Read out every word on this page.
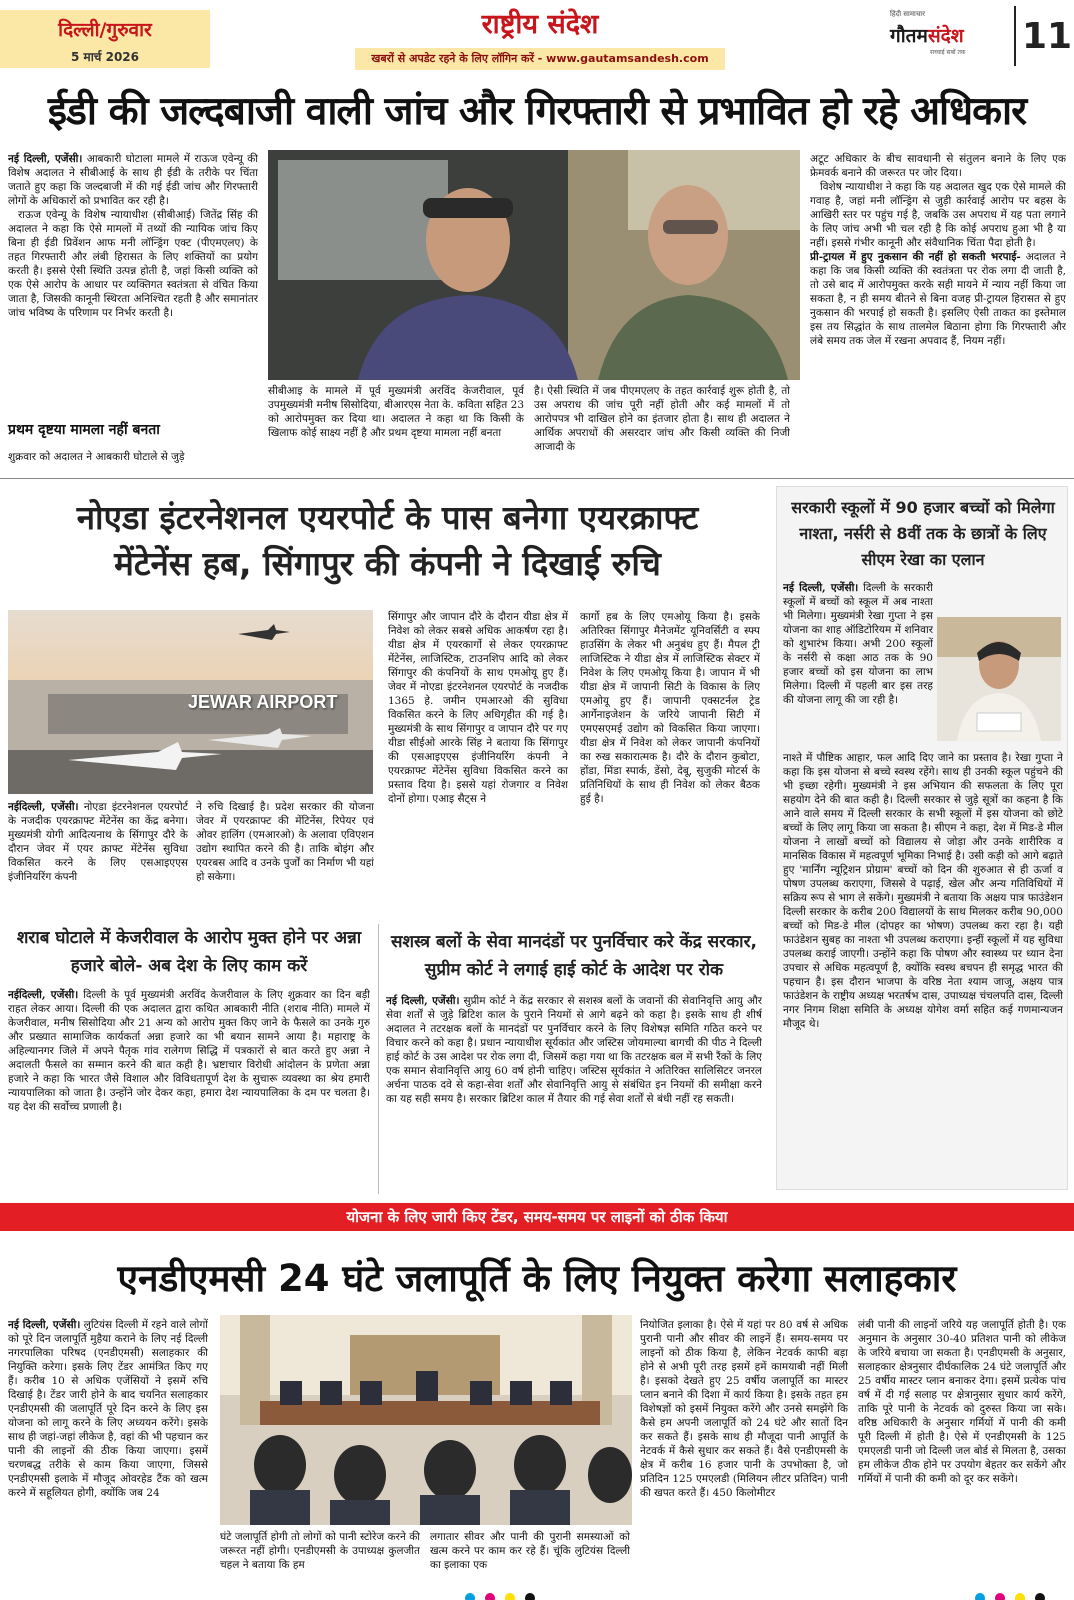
दिल्ली/गुरुवार
5 मार्च 2026
राष्ट्रीय संदेश
खबरों से अपडेट रहने के लिए लॉगिन करें - www.gautamsandesh.com
हिंदी सामाचार
गौतमसंदेश
सच्चाई सबों तक 11
ईडी की जल्दबाजी वाली जांच और गिरफ्तारी से प्रभावित हो रहे अधिकार

नई दिल्ली, एजेंसी। आबकारी घोटाला मामले में राऊज एवेन्यू की विशेष अदालत ने सीबीआई के साथ ही ईडी के तरीके पर चिंता जताते हुए कहा कि जल्दबाजी में की गई ईडी जांच और गिरफ्तारी लोगों के अधिकारों को प्रभावित कर रही है।

राऊज एवेन्यू के विशेष न्यायाधीश (सीबीआई) जितेंद्र सिंह की अदालत ने कहा कि ऐसे मामलों में तथ्यों की न्यायिक जांच किए बिना ही ईडी प्रिवेंशन आफ मनी लॉन्ड्रिंग एक्ट (पीएमएलए) के तहत गिरफ्तारी और लंबी हिरासत के लिए शक्तियों का प्रयोग करती है। इससे ऐसी स्थिति उत्पन्न होती है, जहां किसी व्यक्ति को एक ऐसे आरोप के आधार पर व्यक्तिगत स्वतंत्रता से वंचित किया जाता है, जिसकी कानूनी स्थिरता अनिश्चित रहती है और समानांतर जांच भविष्य के परिणाम पर निर्भर करती है।

प्रथम दृष्टया मामला नहीं बनता
शुक्रवार को अदालत ने आबकारी घोटाले से जुड़े
सीबीआइ के मामले में पूर्व मुख्यमंत्री अरविंद केजरीवाल, पूर्व उपमुख्यमंत्री मनीष सिसोदिया, बीआरएस नेता के. कविता सहित 23 को आरोपमुक्त कर दिया था। अदालत ने कहा था कि किसी के खिलाफ कोई साक्ष्य नहीं है और प्रथम दृष्टया मामला नहीं बनता
है। ऐसी स्थिति में जब पीएमएलए के तहत कार्रवाई शुरू होती है, तो उस अपराध की जांच पूरी नहीं होती और कई मामलों में तो आरोपपत्र भी दाखिल होने का इंतजार होता है। साथ ही अदालत ने आर्थिक अपराधों की असरदार जांच और किसी व्यक्ति की निजी आजादी के

अटूट अधिकार के बीच सावधानी से संतुलन बनाने के लिए एक फ्रेमवर्क बनाने की जरूरत पर जोर दिया।

विशेष न्यायाधीश ने कहा कि यह अदालत खुद एक ऐसे मामले की गवाह है, जहां मनी लॉन्ड्रिंग से जुड़ी कार्रवाई आरोप पर बहस के आखिरी स्तर पर पहुंच गई है, जबकि उस अपराध में यह पता लगाने के लिए जांच अभी भी चल रही है कि कोई अपराध हुआ भी है या नहीं। इससे गंभीर कानूनी और संवैधानिक चिंता पैदा होती है।

प्री-ट्रायल में हुए नुकसान की नहीं हो सकती भरपाई- अदालत ने कहा कि जब किसी व्यक्ति की स्वतंत्रता पर रोक लगा दी जाती है, तो उसे बाद में आरोपमुक्त करके सही मायने में न्याय नहीं किया जा सकता है, न ही समय बीतने से बिना वजह प्री-ट्रायल हिरासत से हुए नुकसान की भरपाई हो सकती है। इसलिए ऐसी ताकत का इस्तेमाल इस तय सिद्धांत के साथ तालमेल बिठाना होगा कि गिरफ्तारी और लंबे समय तक जेल में रखना अपवाद हैं, नियम नहीं।

नोएडा इंटरनेशनल एयरपोर्ट के पास बनेगा एयरक्राफ्ट
मेंटेनेंस हब, सिंगापुर की कंपनी ने दिखाई रुचि
JEWAR AIRPORT

नईदिल्ली, एजेंसी। नोएडा इंटरनेशनल एयरपोर्ट के नजदीक एयरक्राफ्ट मेंटेनेंस का केंद्र बनेगा। मुख्यमंत्री योगी आदित्यनाथ के सिंगापुर दौरे के दौरान जेवर में एयर क्राफ्ट मेंटेनेंस सुविधा विकसित करने के लिए एसआइएएस इंजीनियरिंग कंपनी

ने रुचि दिखाई है। प्रदेश सरकार की योजना जेवर में एयरक्राफ्ट की मेंटिनेंस, रिपेयर एवं ओवर हालिंग (एमआरओ) के अलावा एविएशन उद्योग स्थापित करने की है। ताकि बोइंग और एयरबस आदि व उनके पुर्जों का निर्माण भी यहां हो सकेगा।
सिंगापुर और जापान दौरे के दौरान यीडा क्षेत्र में निवेश को लेकर सबसे अधिक आकर्षण रहा है। यीडा क्षेत्र में एयरकार्गो से लेकर एयरक्राफ्ट मेंटेनेंस, लाजिस्टिक, टाउनशिप आदि को लेकर सिंगापुर की कंपनियों के साथ एमओयू हुए हैं। जेवर में नोएडा इंटरनेशनल एयरपोर्ट के नजदीक 1365 हे. जमीन एमआरओ की सुविधा विकसित करने के लिए अधिगृहीत की गई है। मुख्यमंत्री के साथ सिंगापुर व जापान दौरे पर गए यीडा सीईओ आरके सिंह ने बताया कि सिंगापुर की एसआइएएस इंजीनियरिंग कंपनी ने एयरक्राफ्ट मेंटेनेंस सुविधा विकसित करने का प्रस्ताव दिया है। इससे यहां रोजगार व निवेश दोनों होगा। एआइ सैट्स ने
कार्गो हब के लिए एमओयू किया है। इसके अतिरिक्त सिंगापुर मैनेजमेंट यूनिवर्सिटी व स्फ्प हाउसिंग के लेकर भी अनुबंध हुए हैं। मैपल ट्री लाजिस्टिक ने यीडा क्षेत्र में लाजिस्टिक सेक्टर में निवेश के लिए एमओयू किया है। जापान में भी यीडा क्षेत्र में जापानी सिटी के विकास के लिए एमओयू हुए हैं। जापानी एक्सटर्नल ट्रेड आर्गेनाइजेशन के जरिये जापानी सिटी में एमएसएमई उद्योग को विकसित किया जाएगा। यीडा क्षेत्र में निवेश को लेकर जापानी कंपनियों का रुख सकारात्मक है। दौरे के दौरान कुबोटा, होंडा, मिंडा स्पार्क, डेंसो, देबू, सुजुकी मोटर्स के प्रतिनिधियों के साथ ही निवेश को लेकर बैठक हुई है।
सरकारी स्कूलों में 90 हजार बच्चों को मिलेगा नाश्ता, नर्सरी से 8वीं तक के छात्रों के लिए सीएम रेखा का एलान

नई दिल्ली, एजेंसी। दिल्ली के सरकारी स्कूलों में बच्चों को स्कूल में अब नाश्ता भी मिलेगा। मुख्यमंत्री रेखा गुप्ता ने इस योजना का शाह ऑडिटोरियम में शनिवार को शुभारंभ किया। अभी 200 स्कूलों के नर्सरी से कक्षा आठ तक के 90 हजार बच्चों को इस योजना का लाभ मिलेगा। दिल्ली में पहली बार इस तरह की योजना लागू की जा रही है।

नाश्ते में पौष्टिक आहार, फल आदि दिए जाने का प्रस्ताव है। रेखा गुप्ता ने कहा कि इस योजना से बच्चे स्वस्थ रहेंगे। साथ ही उनकी स्कूल पहुंचने की भी इच्छा रहेगी। मुख्यमंत्री ने इस अभियान की सफलता के लिए पूरा सहयोग देने की बात कही है। दिल्ली सरकार से जुड़े सूत्रों का कहना है कि आने वाले समय में दिल्ली सरकार के सभी स्कूलों में इस योजना को छोटे बच्चों के लिए लागू किया जा सकता है। सीएम ने कहा, देश में मिड-डे मील योजना ने लाखों बच्चों को विद्यालय से जोड़ा और उनके शारीरिक व मानसिक विकास में महत्वपूर्ण भूमिका निभाई है। उसी कड़ी को आगे बढ़ाते हुए 'मार्निंग न्यूट्रिशन प्रोग्राम' बच्चों को दिन की शुरुआत से ही ऊर्जा व पोषण उपलब्ध कराएगा, जिससे वे पढ़ाई, खेल और अन्य गतिविधियों में सक्रिय रूप से भाग ले सकेंगे। मुख्यमंत्री ने बताया कि अक्षय पात्र फाउंडेशन दिल्ली सरकार के करीब 200 विद्यालयों के साथ मिलकर करीब 90,000 बच्चों को मिड-डे मील (दोपहर का भोषण) उपलब्ध करा रहा है। यही फाउंडेशन सुबह का नाश्ता भी उपलब्ध कराएगा। इन्हीं स्कूलों में यह सुविधा उपलब्ध कराई जाएगी। उन्होंने कहा कि पोषण और स्वास्थ्य पर ध्यान देना उपचार से अधिक महत्वपूर्ण है, क्योंकि स्वस्थ बचपन ही समृद्ध भारत की पहचान है। इस दौरान भाजपा के वरिष्ठ नेता श्याम जाजू, अक्षय पात्र फाउंडेशन के राष्ट्रीय अध्यक्ष भरतर्षभ दास, उपाध्यक्ष चंचलपति दास, दिल्ली नगर निगम शिक्षा समिति के अध्यक्ष योगेश वर्मा सहित कई गणमान्यजन मौजूद थे।
शराब घोटाले में केजरीवाल के आरोप मुक्त होने पर अन्ना हजारे बोले- अब देश के लिए काम करें

नईदिल्ली, एजेंसी। दिल्ली के पूर्व मुख्यमंत्री अरविंद केजरीवाल के लिए शुक्रवार का दिन बड़ी राहत लेकर आया। दिल्ली की एक अदालत द्वारा कथित आबकारी नीति (शराब नीति) मामले में केजरीवाल, मनीष सिसोदिया और 21 अन्य को आरोप मुक्त किए जाने के फैसले का उनके गुरु और प्रख्यात सामाजिक कार्यकर्ता अन्ना हजारे का भी बयान सामने आया है। महाराष्ट्र के अहिल्यानगर जिले में अपने पैतृक गांव रालेगण सिद्धि में पत्रकारों से बात करते हुए अन्ना ने अदालती फैसले का सम्मान करने की बात कही है। भ्रष्टाचार विरोधी आंदोलन के प्रणेता अन्ना हजारे ने कहा कि भारत जैसे विशाल और विविधतापूर्ण देश के सुचारू व्यवस्था का श्रेय हमारी न्यायपालिका को जाता है। उन्होंने जोर देकर कहा, हमारा देश न्यायपालिका के दम पर चलता है। यह देश की सर्वोच्च प्रणाली है।

सशस्त्र बलों के सेवा मानदंडों पर पुनर्विचार करे केंद्र सरकार, सुप्रीम कोर्ट ने लगाई हाई कोर्ट के आदेश पर रोक

नई दिल्ली, एजेंसी। सुप्रीम कोर्ट ने केंद्र सरकार से सशस्त्र बलों के जवानों की सेवानिवृत्ति आयु और सेवा शर्तों से जुड़े ब्रिटिश काल के पुराने नियमों से आगे बढ़ने को कहा है। इसके साथ ही शीर्ष अदालत ने तटरक्षक बलों के मानदंडों पर पुनर्विचार करने के लिए विशेषज्ञ समिति गठित करने पर विचार करने को कहा है। प्रधान न्यायाधीश सूर्यकांत और जस्टिस जोयमाल्या बागची की पीठ ने दिल्ली हाई कोर्ट के उस आदेश पर रोक लगा दी, जिसमें कहा गया था कि तटरक्षक बल में सभी रैंकों के लिए एक समान सेवानिवृत्ति आयु 60 वर्ष होनी चाहिए। जस्टिस सूर्यकांत ने अतिरिक्त सालिसिटर जनरल अर्चना पाठक दवे से कहा-सेवा शर्तों और सेवानिवृत्ति आयु से संबंधित इन नियमों की समीक्षा करने का यह सही समय है। सरकार ब्रिटिश काल में तैयार की गई सेवा शर्तों से बंधी नहीं रह सकती।

योजना के लिए जारी किए टेंडर, समय-समय पर लाइनों को ठीक किया
एनडीएमसी 24 घंटे जलापूर्ति के लिए नियुक्त करेगा सलाहकार

नई दिल्ली, एजेंसी। लुटियंस दिल्ली में रहने वाले लोगों को पूरे दिन जलापूर्ति मुहैया कराने के लिए नई दिल्ली नगरपालिका परिषद (एनडीएमसी) सलाहकार की नियुक्ति करेगा। इसके लिए टेंडर आमंत्रित किए गए हैं। करीब 10 से अधिक एजेंसियों ने इसमें रुचि दिखाई है। टेंडर जारी होने के बाद चयनित सलाहकार एनडीएमसी की जलापूर्ति पूरे दिन करने के लिए इस योजना को लागू करने के लिए अध्ययन करेंगे। इसके साथ ही जहां-जहां लीकेज है, वहां की भी पहचान कर पानी की लाइनों की ठीक किया जाएगा। इसमें चरणबद्ध तरीके से काम किया जाएगा, जिससे एनडीएमसी इलाके में मौजूद ओवरहेड टैंक को खत्म करने में सहूलियत होगी, क्योंकि जब 24

घंटे जलापूर्ति होगी तो लोगों को पानी स्टोरेज करने की जरूरत नहीं होगी। एनडीएमसी के उपाध्यक्ष कुलजीत चहल ने बताया कि हम
लगातार सीवर और पानी की पुरानी समस्याओं को खत्म करने पर काम कर रहे हैं। चूंकि लुटियंस दिल्ली का इलाका एक
नियोजित इलाका है। ऐसे में यहां पर 80 वर्ष से अधिक पुरानी पानी और सीवर की लाइनें हैं। समय-समय पर लाइनों को ठीक किया है, लेकिन नेटवर्क काफी बड़ा होने से अभी पूरी तरह इसमें हमें कामयाबी नहीं मिली है। इसको देखते हुए 25 वर्षीय जलापूर्ति का मास्टर प्लान बनाने की दिशा में कार्य किया है। इसके तहत हम विशेषज्ञों को इसमें नियुक्त करेंगे और उनसे समझेंगे कि कैसे हम अपनी जलापूर्ति को 24 घंटे और सातों दिन कर सकते हैं। इसके साथ ही मौजूदा पानी आपूर्ति के नेटवर्क में कैसे सुधार कर सकते हैं। वैसे एनडीएमसी के क्षेत्र में करीब 16 हजार पानी के उपभोक्ता है, जो प्रतिदिन 125 एमएलडी (मिलियन लीटर प्रतिदिन) पानी की खपत करते हैं। 450 किलोमीटर
लंबी पानी की लाइनों जरिये यह जलापूर्ति होती है। एक अनुमान के अनुसार 30-40 प्रतिशत पानी को लीकेज के जरिये बचाया जा सकता है। एनडीएमसी के अनुसार, सलाहकार क्षेत्रनुसार दीर्घकालिक 24 घंटे जलापूर्ति और 25 वर्षीय मास्टर प्लान बनाकर देगा। इसमें प्रत्येक पांच वर्ष में दी गई सलाह पर क्षेत्रानुसार सुधार कार्य करेंगे, ताकि पूरे पानी के नेटवर्क को दुरुस्त किया जा सके। वरिष्ठ अधिकारी के अनुसार गर्मियों में पानी की कमी पूरी दिल्ली में होती है। ऐसे में एनडीएमसी के 125 एमएलडी पानी जो दिल्ली जल बोर्ड से मिलता है, उसका हम लीकेज ठीक होने पर उपयोग बेहतर कर सकेंगे और गर्मियों में पानी की कमी को दूर कर सकेंगे।
